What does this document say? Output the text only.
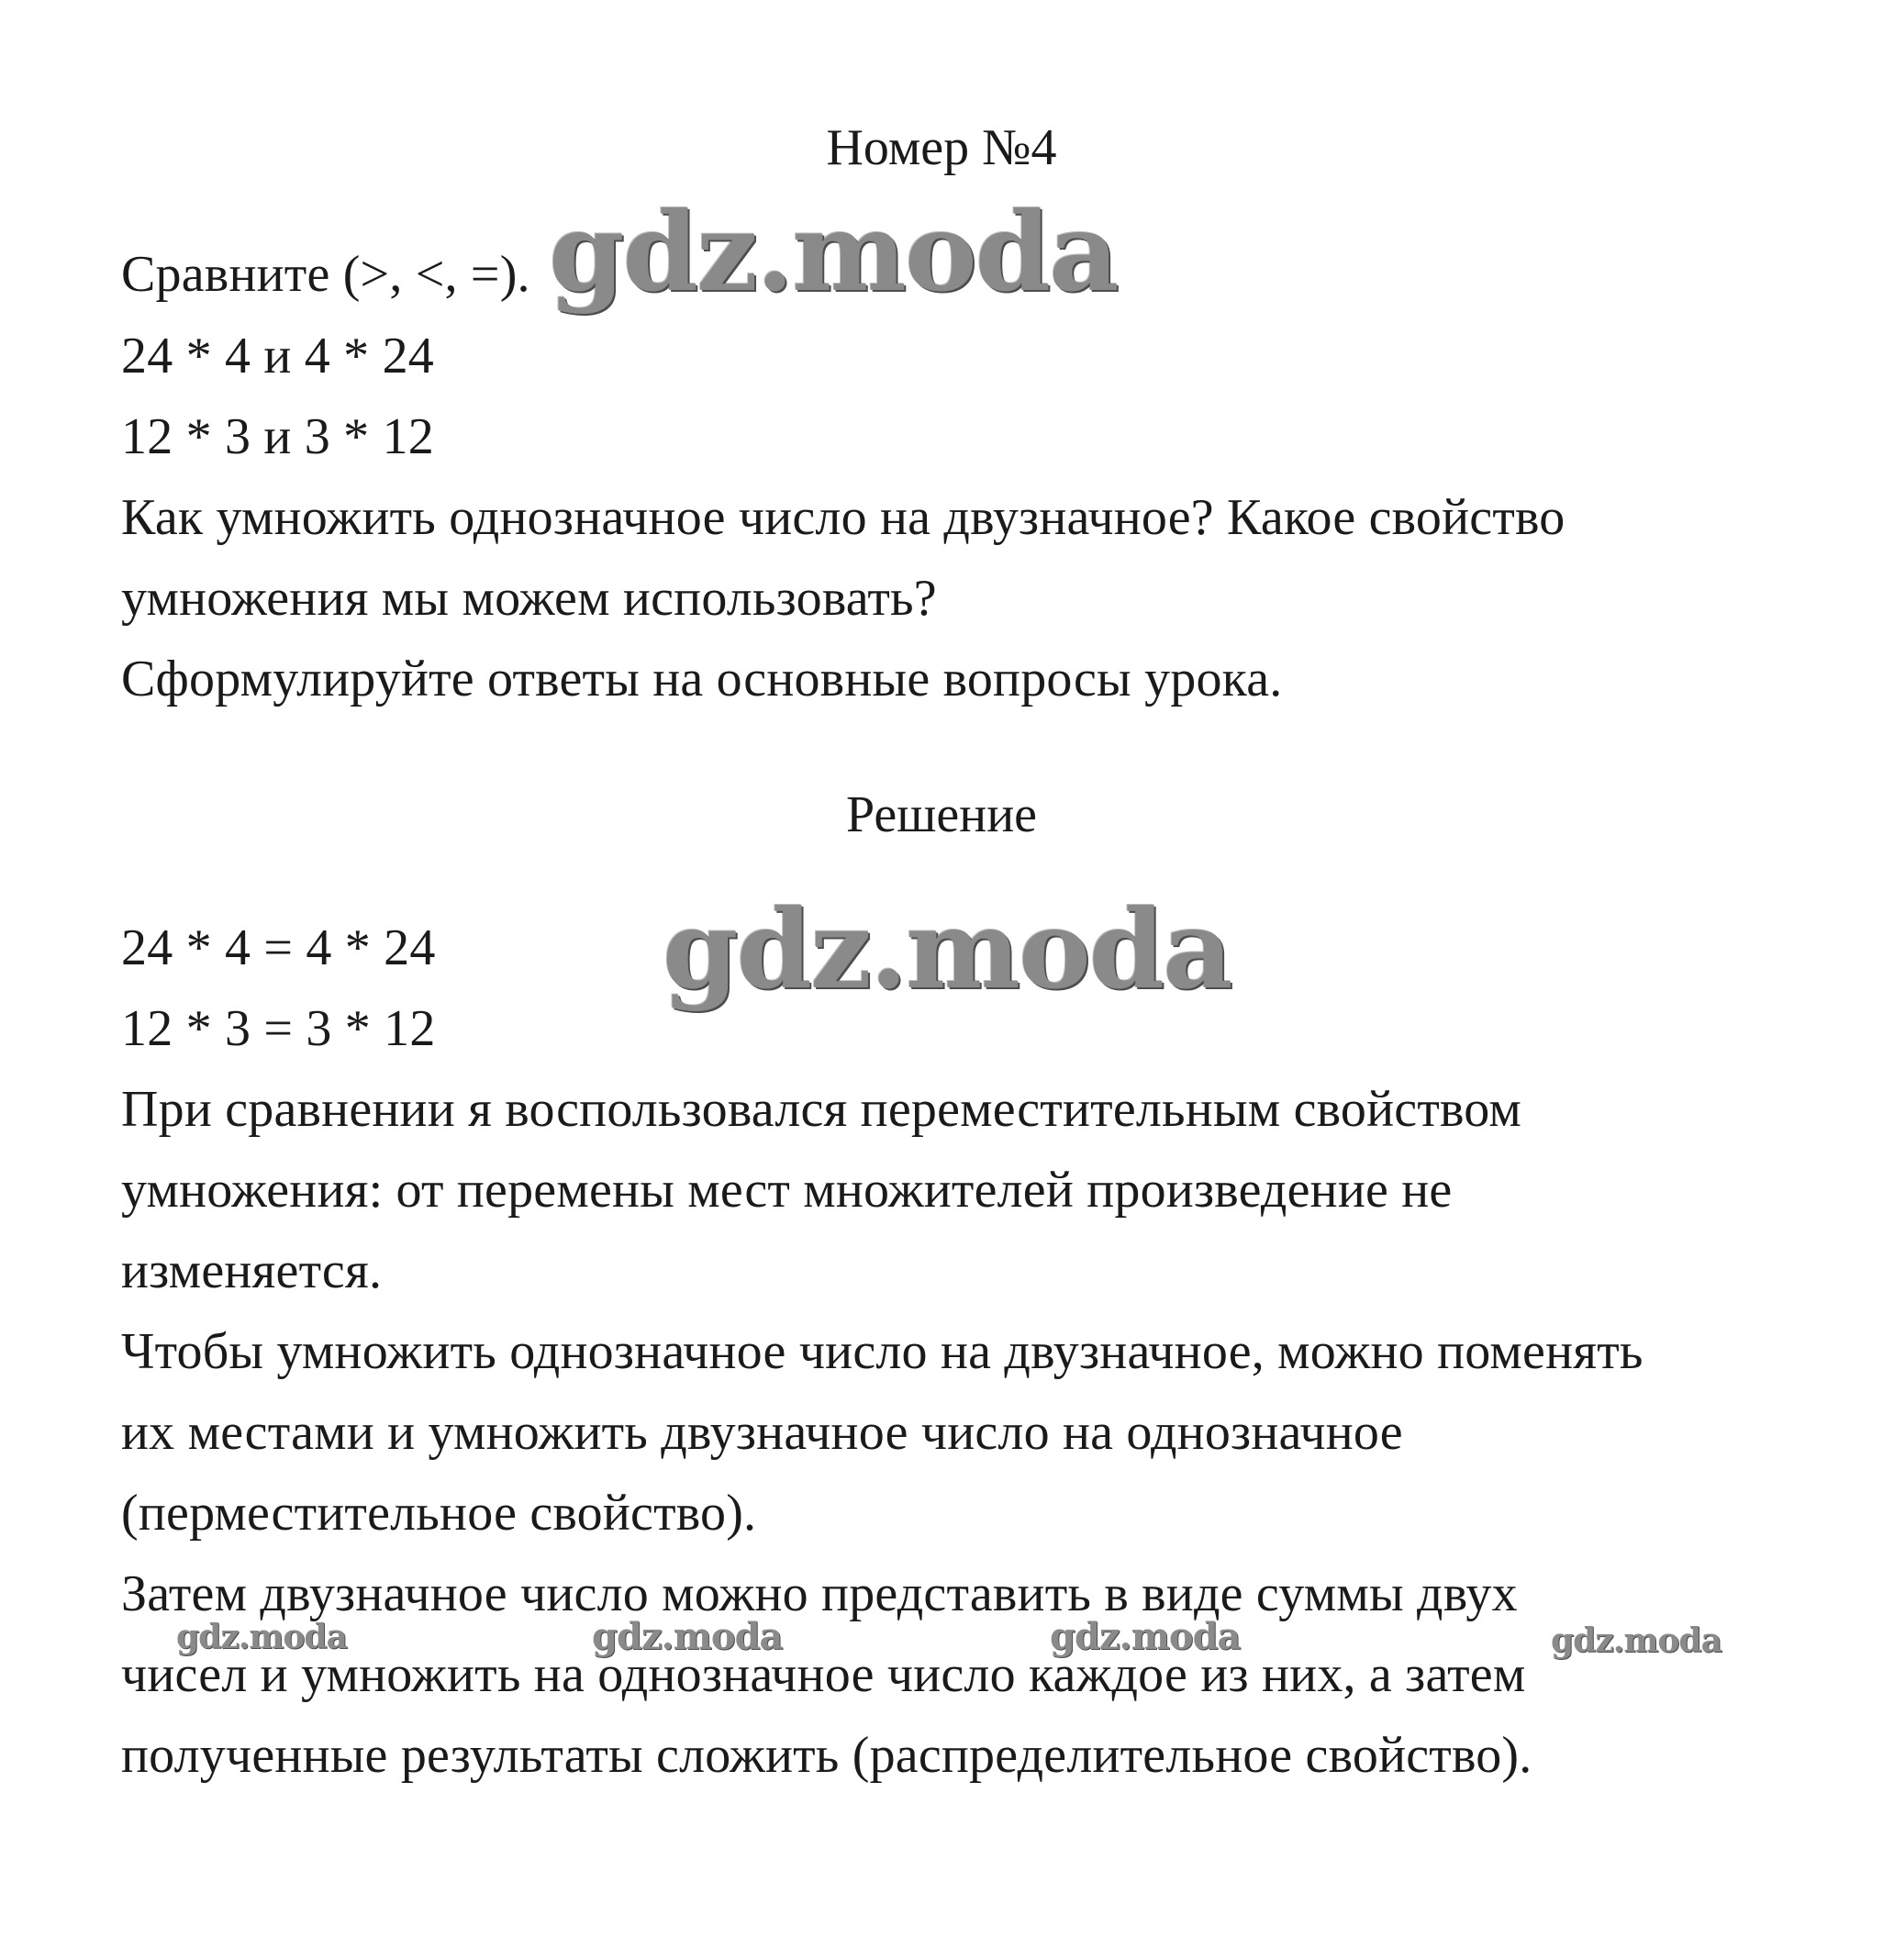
Номер №4
Сравните (>, <, =).
24 * 4 и 4 * 24
12 * 3 и 3 * 12
Как умножить однозначное число на двузначное? Какое свойство
умножения мы можем использовать?
Сформулируйте ответы на основные вопросы урока.
Решение
24 * 4 = 4 * 24
12 * 3 = 3 * 12
При сравнении я воспользовался переместительным свойством
умножения: от перемены мест множителей произведение не
изменяется.
Чтобы умножить однозначное число на двузначное, можно поменять
их местами и умножить двузначное число на однозначное
(перместительное свойство).
Затем двузначное число можно представить в виде суммы двух
чисел и умножить на однозначное число каждое из них, а затем
полученные результаты сложить (распределительное свойство).
gdz.moda
gdz.moda
gdz.moda	gdz.moda	gdz.moda	gdz.moda
